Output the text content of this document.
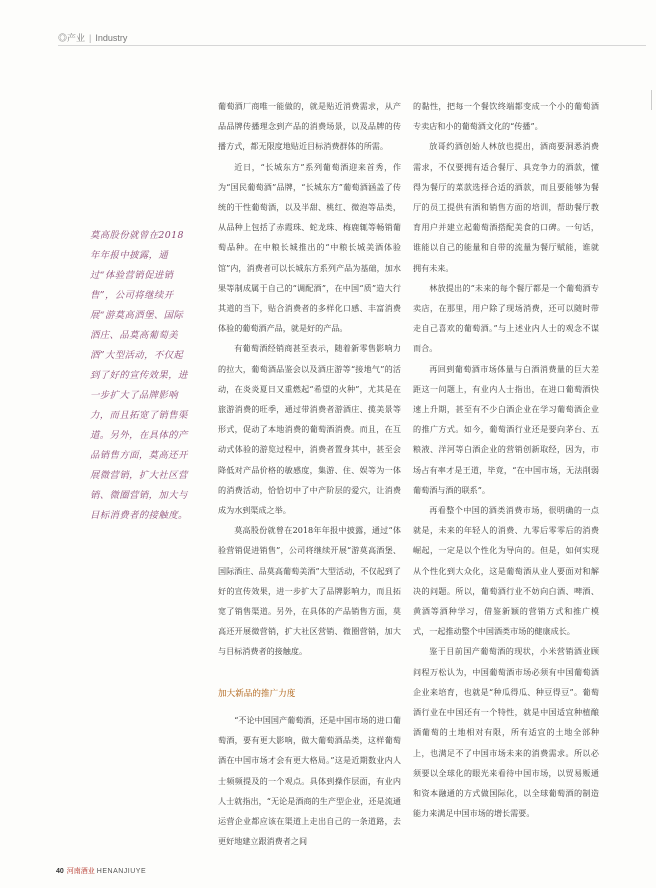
◎产业 | Industry
莫高股份就曾在2018年年报中披露，通过“体验营销促进销售”，公司将继续开展“游莫高酒堡、国际酒庄、品莫高葡萄美酒”大型活动，不仅起到了好的宣传效果，进一步扩大了品牌影响力，而且拓宽了销售渠道。另外，在具体的产品销售方面，莫高还开展微营销，扩大社区营销、微圈营销，加大与目标消费者的接触度。

葡萄酒厂商唯一能做的，就是贴近消费需求，从产品品牌传播理念到产品的消费场景，以及品牌的传播方式，都无限度地贴近目标消费群体的所需。

近日，“长城东方”系列葡萄酒迎来首秀，作为“国民葡萄酒”品牌，“长城东方”葡萄酒涵盖了传统的干性葡萄酒，以及半甜、桃红、微泡等品类，从品种上包括了赤霞珠、蛇龙珠、梅鹿辄等畅销葡萄品种。在中粮长城推出的“中粮长城美酒体验馆”内，消费者可以长城东方系列产品为基础，加水果等制成属于自己的“调配酒”，在中国“质”造大行其道的当下，贴合消费者的多样化口感、丰富消费体验的葡萄酒产品，就是好的产品。

有葡萄酒经销商甚至表示，随着新零售影响力的拉大，葡萄酒品鉴会以及酒庄游等“接地气”的活动，在炎炎夏日又重燃起“希望的火种”，尤其是在旅游消费的旺季，通过带消费者游酒庄、揽美景等形式，促动了本地消费的葡萄酒消费。而且，在互动式体验的游览过程中，消费者置身其中，甚至会降低对产品价格的敏感度，集游、住、娱等为一体的消费活动，恰恰切中了中产阶层的爱穴，让消费成为水到渠成之举。

莫高股份就曾在2018年年报中披露，通过“体验营销促进销售”，公司将继续开展“游莫高酒堡、国际酒庄、品莫高葡萄美酒”大型活动，不仅起到了好的宣传效果，进一步扩大了品牌影响力，而且拓宽了销售渠道。另外，在具体的产品销售方面，莫高还开展微营销，扩大社区营销、微圈营销，加大与目标消费者的接触度。

加大新品的推广力度

“不论中国国产葡萄酒，还是中国市场的进口葡萄酒，要有更大影响，做大葡萄酒品类，这样葡萄酒在中国市场才会有更大格局。”这是近期数业内人士频频提及的一个观点。具体到操作层面，有业内人士就指出，“无论是酒商的生产型企业，还是流通运营企业都应该在渠道上走出自己的一条道路，去更好地建立跟消费者之间

的黏性，把每一个餐饮终端都变成一个小的葡萄酒专卖店和小的葡萄酒文化的“传播”。

放哥约酒创始人林放也提出，酒商要洞悉消费需求，不仅要拥有适合餐厅、具竞争力的酒款，懂得为餐厅的菜款选择合适的酒款，而且要能够为餐厅的员工提供有酒和销售方面的培训，帮助餐厅教育用户并建立起葡萄酒搭配美食的口碑。一句话，谁能以自己的能量和自带的流量为餐厅赋能，谁就拥有未来。

林放提出的“未来的每个餐厅都是一个葡萄酒专卖店，在那里，用户除了现场消费，还可以随时带走自己喜欢的葡萄酒。”与上述业内人士的观念不谋而合。

再回到葡萄酒市场体量与白酒消费量的巨大差距这一问题上，有业内人士指出，在进口葡萄酒快速上升期，甚至有不少白酒企业在学习葡萄酒企业的推广方式。如今，葡萄酒行业还是要向茅台、五粮液、洋河等白酒企业的营销创新取经，因为，市场占有率才是王道，毕竟，“在中国市场，无法削弱葡萄酒与酒的联系”。

再看整个中国的酒类消费市场，很明确的一点就是，未来的年轻人的消费、九零后零零后的消费崛起，一定是以个性化为导向的。但是，如何实现从个性化到大众化，这是葡萄酒从业人要面对和解决的问题。所以，葡萄酒行业不妨向白酒、啤酒、黄酒等酒种学习，借鉴新颖的营销方式和推广模式，一起推动整个中国酒类市场的健康成长。

鉴于目前国产葡萄酒的现状，小米营销酒业顾问程万松认为，中国葡萄酒市场必须有中国葡萄酒企业来培育，也就是“种瓜得瓜、种豆得豆”。葡萄酒行业在中国还有一个特性，就是中国适宜种植酿酒葡萄的土地相对有限，所有适宜的土地全部种上，也满足不了中国市场未来的消费需求。所以必须要以全球化的眼光来看待中国市场，以贸易贩通和资本融通的方式做国际化，以全球葡萄酒的制造能力来满足中国市场的增长需要。

40 河南酒业 HENANJIUYE
